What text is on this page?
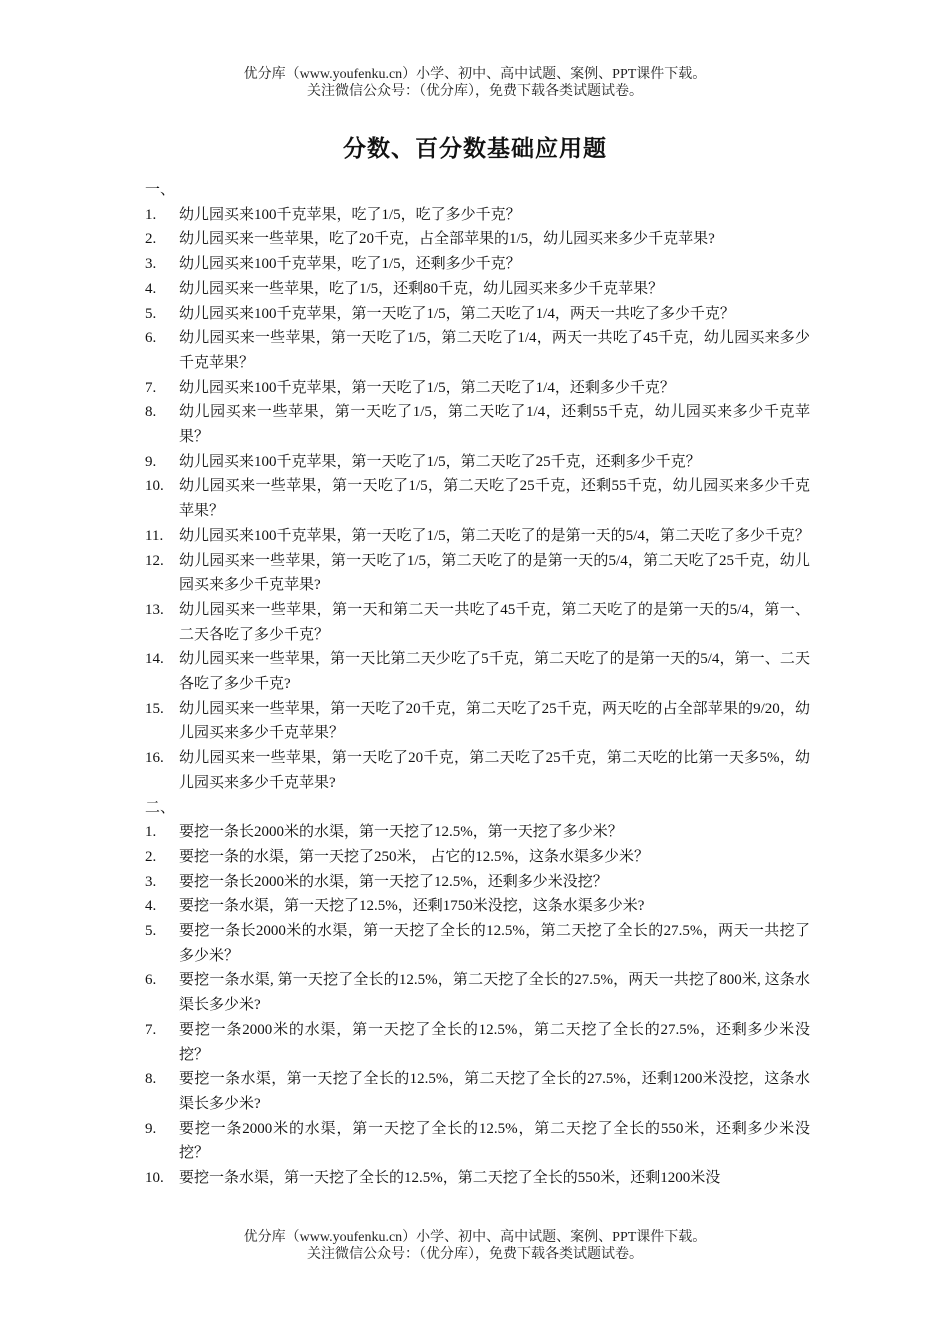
优分库（www.youfenku.cn）小学、初中、高中试题、案例、PPT课件下载。
关注微信公众号：（优分库），免费下载各类试题试卷。
分数、百分数基础应用题
一、
1.	幼儿园买来100千克苹果，吃了1/5，吃了多少千克？
2.	幼儿园买来一些苹果，吃了20千克，占全部苹果的1/5，幼儿园买来多少千克苹果?
3.	幼儿园买来100千克苹果，吃了1/5，还剩多少千克？
4.	幼儿园买来一些苹果，吃了1/5，还剩80千克，幼儿园买来多少千克苹果？
5.	幼儿园买来100千克苹果，第一天吃了1/5，第二天吃了1/4，两天一共吃了多少千克？
6.	幼儿园买来一些苹果，第一天吃了1/5，第二天吃了1/4，两天一共吃了45千克，幼儿园买来多少千克苹果？
7.	幼儿园买来100千克苹果，第一天吃了1/5，第二天吃了1/4，还剩多少千克？
8.	幼儿园买来一些苹果，第一天吃了1/5，第二天吃了1/4，还剩55千克，幼儿园买来多少千克苹果？
9.	幼儿园买来100千克苹果，第一天吃了1/5，第二天吃了25千克，还剩多少千克？
10.	幼儿园买来一些苹果，第一天吃了1/5，第二天吃了25千克，还剩55千克，幼儿园买来多少千克苹果？
11.	幼儿园买来100千克苹果，第一天吃了1/5，第二天吃了的是第一天的5/4，第二天吃了多少千克？
12.	幼儿园买来一些苹果，第一天吃了1/5，第二天吃了的是第一天的5/4，第二天吃了25千克，幼儿园买来多少千克苹果?
13.	幼儿园买来一些苹果，第一天和第二天一共吃了45千克，第二天吃了的是第一天的5/4，第一、二天各吃了多少千克？
14.	幼儿园买来一些苹果，第一天比第二天少吃了5千克，第二天吃了的是第一天的5/4，第一、二天各吃了多少千克?
15.	幼儿园买来一些苹果，第一天吃了20千克，第二天吃了25千克，两天吃的占全部苹果的9/20，幼儿园买来多少千克苹果？
16.	幼儿园买来一些苹果，第一天吃了20千克，第二天吃了25千克，第二天吃的比第一天多5%，幼儿园买来多少千克苹果?
二、
1.	要挖一条长2000米的水渠，第一天挖了12.5%，第一天挖了多少米？
2.	要挖一条的水渠，第一天挖了250米， 占它的12.5%，这条水渠多少米？
3.	要挖一条长2000米的水渠，第一天挖了12.5%，还剩多少米没挖？
4.	要挖一条水渠，第一天挖了12.5%，还剩1750米没挖，这条水渠多少米?
5.	要挖一条长2000米的水渠，第一天挖了全长的12.5%，第二天挖了全长的27.5%，两天一共挖了多少米？
6.	要挖一条水渠, 第一天挖了全长的12.5%，第二天挖了全长的27.5%，两天一共挖了800米, 这条水渠长多少米?
7.	要挖一条2000米的水渠，第一天挖了全长的12.5%，第二天挖了全长的27.5%，还剩多少米没挖？
8.	要挖一条水渠，第一天挖了全长的12.5%，第二天挖了全长的27.5%，还剩1200米没挖，这条水渠长多少米?
9.	要挖一条2000米的水渠，第一天挖了全长的12.5%，第二天挖了全长的550米，还剩多少米没挖？
10.	要挖一条水渠，第一天挖了全长的12.5%，第二天挖了全长的550米，还剩1200米没
优分库（www.youfenku.cn）小学、初中、高中试题、案例、PPT课件下载。
关注微信公众号：（优分库），免费下载各类试题试卷。
